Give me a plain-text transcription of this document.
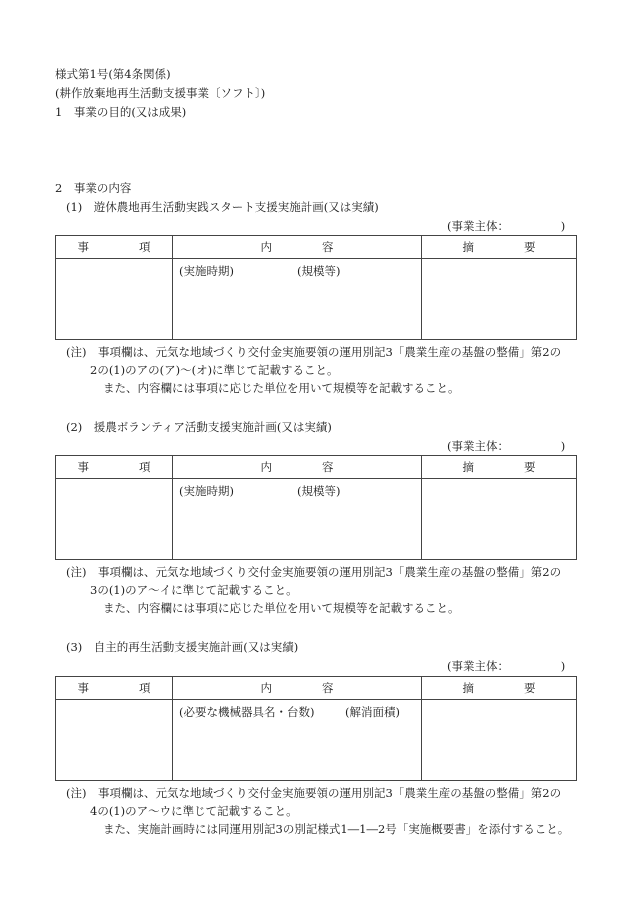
様式第1号(第4条関係)
(耕作放棄地再生活動支援事業〔ソフト〕)
1　事業の目的(又は成果)
2　事業の内容
(1)　遊休農地再生活動実践スタート支援実施計画(又は実績)
(事業主体：　　　　　)
事 項	内 容	摘 要

	(実施時期) (規模等)	

(注)　事項欄は、元気な地域づくり交付金実施要領の運用別記3「農業生産の基盤の整備」第2の
2の(1)のアの(ア)～(オ)に準じて記載すること。
また、内容欄には事項に応じた単位を用いて規模等を記載すること。
(2)　援農ボランティア活動支援実施計画(又は実績)
(事業主体：　　　　　)
事 項	内 容	摘 要

	(実施時期) (規模等)	

(注)　事項欄は、元気な地域づくり交付金実施要領の運用別記3「農業生産の基盤の整備」第2の
3の(1)のア～イに準じて記載すること。
また、内容欄には事項に応じた単位を用いて規模等を記載すること。
(3)　自主的再生活動支援実施計画(又は実績)
(事業主体：　　　　　)
事 項	内 容	摘 要

	(必要な機械器具名・台数) (解消面積)	

(注)　事項欄は、元気な地域づくり交付金実施要領の運用別記3「農業生産の基盤の整備」第2の
4の(1)のア～ウに準じて記載すること。
また、実施計画時には同運用別記3の別記様式1―1―2号「実施概要書」を添付すること。
